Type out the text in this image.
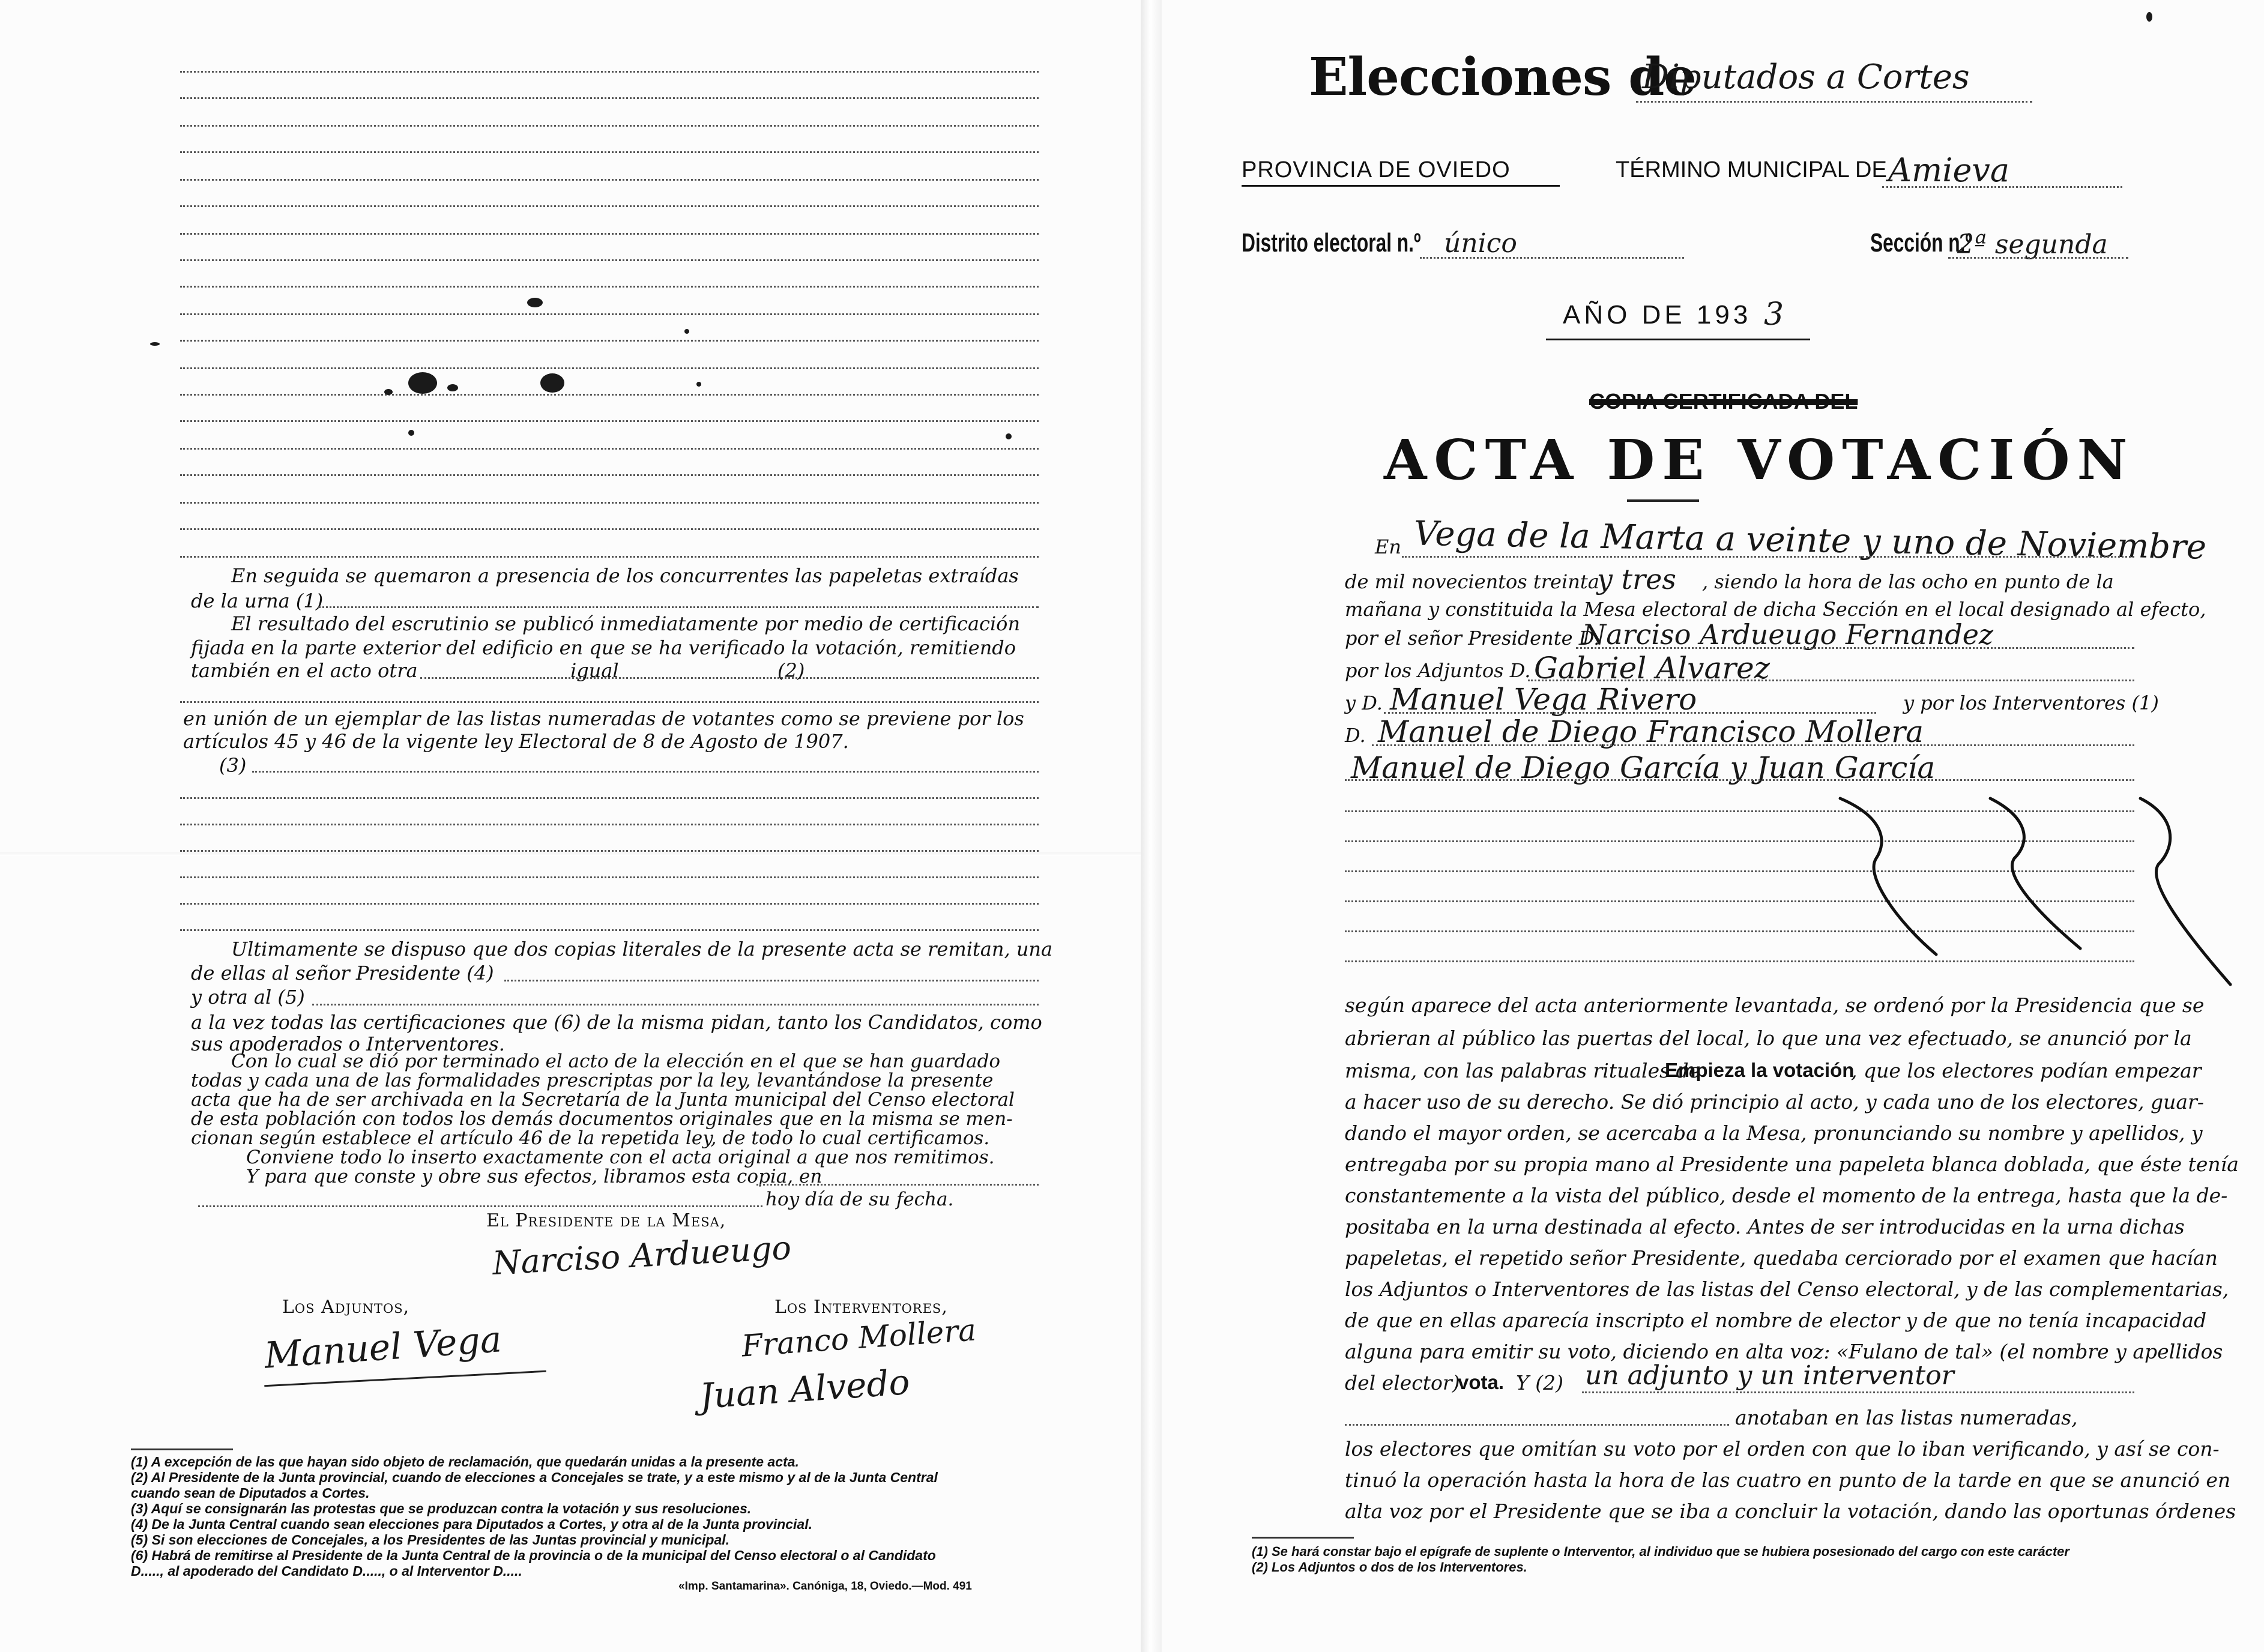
En seguida se quemaron a presencia de los concurrentes las papeletas extraídas
de la urna (1)
El resultado del escrutinio se publicó inmediatamente por medio de certificación
fijada en la parte exterior del edificio en que se ha verificado la votación, remitiendo
también en el acto otra	igual	(2)
en unión de un ejemplar de las listas numeradas de votantes como se previene por los
artículos 45 y 46 de la vigente ley Electoral de 8 de Agosto de 1907.
(3)
Ultimamente se dispuso que dos copias literales de la presente acta se remitan, una
de ellas al señor Presidente (4)
y otra al (5)
a la vez todas las certificaciones que (6) de la misma pidan, tanto los Candidatos, como
sus apoderados o Interventores.
Con lo cual se dió por terminado el acto de la elección en el que se han guardado
todas y cada una de las formalidades prescriptas por la ley, levantándose la presente
acta que ha de ser archivada en la Secretaría de la Junta municipal del Censo electoral
de esta población con todos los demás documentos originales que en la misma se men-
cionan según establece el artículo 46 de la repetida ley, de todo lo cual certificamos.
Conviene todo lo inserto exactamente con el acta original a que nos remitimos.
Y para que conste y obre sus efectos, libramos esta copia, en
hoy día de su fecha.
El Presidente de la Mesa,
Narciso Ardueugo
Los Adjuntos,	Los Interventores,
Manuel Vega	Franco Mollera
Juan Alvedo
(1) A excepción de las que hayan sido objeto de reclamación, que quedarán unidas a la presente acta.
(2) Al Presidente de la Junta provincial, cuando de elecciones a Concejales se trate, y a este mismo y al de la Junta Central
cuando sean de Diputados a Cortes.
(3) Aquí se consignarán las protestas que se produzcan contra la votación y sus resoluciones.
(4) De la Junta Central cuando sean elecciones para Diputados a Cortes, y otra al de la Junta provincial.
(5) Si son elecciones de Concejales, a los Presidentes de las Juntas provincial y municipal.
(6) Habrá de remitirse al Presidente de la Junta Central de la provincia o de la municipal del Censo electoral o al Candidato
D....., al apoderado del Candidato D....., o al Interventor D.....
«Imp. Santamarina». Canóniga, 18, Oviedo.—Mod. 491
Elecciones de
Diputados a Cortes
PROVINCIA DE OVIEDO	TÉRMINO MUNICIPAL DE Amieva
Distrito electoral n.º único	Sección n.º
2ª segunda
AÑO DE 193 3
COPIA CERTIFICADA DEL
ACTA DE VOTACIÓN
En Vega de la Marta a veinte y uno de Noviembre
de mil novecientos treinta
y tres , siendo la hora de las ocho en punto de la
mañana y constituida la Mesa electoral de dicha Sección en el local designado al efecto,
por el señor Presidente D.
Narciso Ardueugo Fernandez
por los Adjuntos D. Gabriel Alvarez
y D. Manuel Vega Rivero	y por los Interventores (1)
D. Manuel de Diego Francisco Mollera
Manuel de Diego García y Juan García
según aparece del acta anteriormente levantada, se ordenó por la Presidencia que se
abrieran al público las puertas del local, lo que una vez efectuado, se anunció por la
misma, con las palabras rituales de
Empieza la votación
, que los electores podían empezar
a hacer uso de su derecho. Se dió principio al acto, y cada uno de los electores, guar-
dando el mayor orden, se acercaba a la Mesa, pronunciando su nombre y apellidos, y
entregaba por su propia mano al Presidente una papeleta blanca doblada, que éste tenía
constantemente a la vista del público, desde el momento de la entrega, hasta que la de-
positaba en la urna destinada al efecto. Antes de ser introducidas en la urna dichas
papeletas, el repetido señor Presidente, quedaba cerciorado por el examen que hacían
los Adjuntos o Interventores de las listas del Censo electoral, y de las complementarias,
de que en ellas aparecía inscripto el nombre de elector y de que no tenía incapacidad
alguna para emitir su voto, diciendo en alta voz: «Fulano de tal» (el nombre y apellidos
del elector)
vota. Y (2) un adjunto y un interventor
anotaban en las listas numeradas,
los electores que omitían su voto por el orden con que lo iban verificando, y así se con-
tinuó la operación hasta la hora de las cuatro en punto de la tarde en que se anunció en
alta voz por el Presidente que se iba a concluir la votación, dando las oportunas órdenes
(1) Se hará constar bajo el epígrafe de suplente o Interventor, al individuo que se hubiera posesionado del cargo con este carácter
(2) Los Adjuntos o dos de los Interventores.
